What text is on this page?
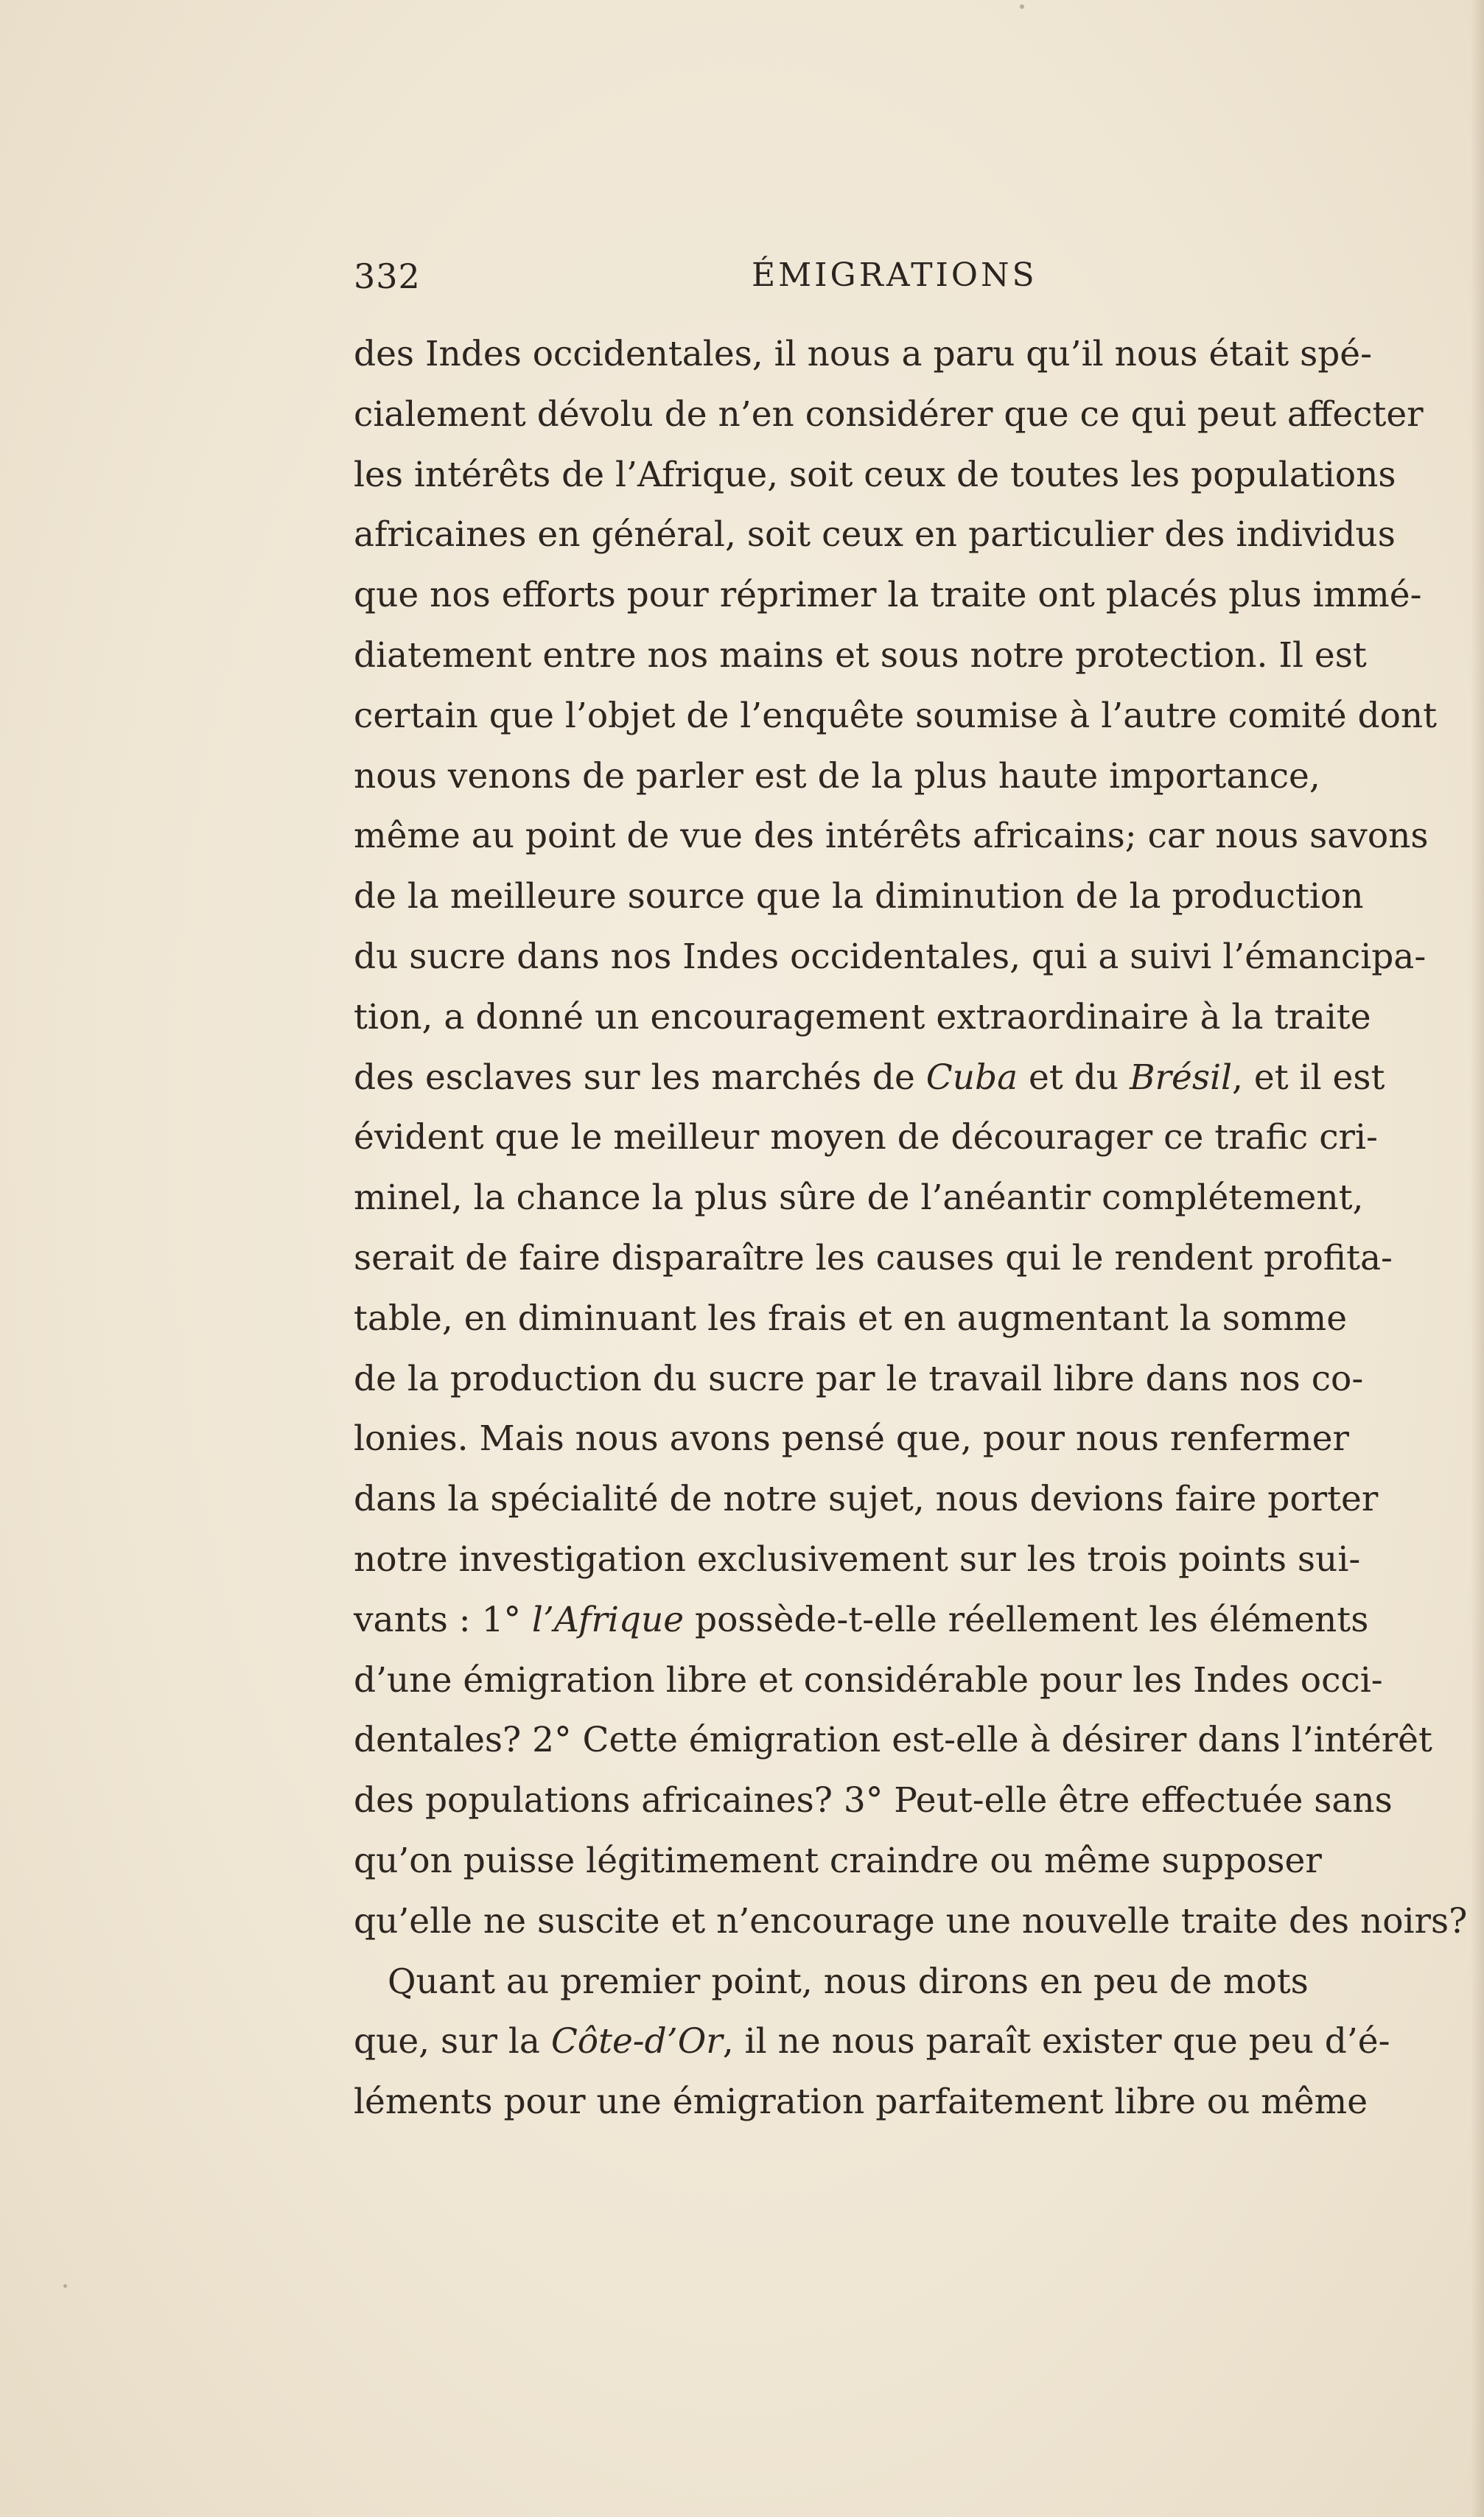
332	ÉMIGRATIONS
des Indes occidentales, il nous a paru qu’il nous était spé-
cialement dévolu de n’en considérer que ce qui peut affecter
les intérêts de l’Afrique, soit ceux de toutes les populations
africaines en général, soit ceux en particulier des individus
que nos efforts pour réprimer la traite ont placés plus immé-
diatement entre nos mains et sous notre protection. Il est
certain que l’objet de l’enquête soumise à l’autre comité dont
nous venons de parler est de la plus haute importance,
même au point de vue des intérêts africains; car nous savons
de la meilleure source que la diminution de la production
du sucre dans nos Indes occidentales, qui a suivi l’émancipa-
tion, a donné un encouragement extraordinaire à la traite
des esclaves sur les marchés de Cuba et du Brésil, et il est
évident que le meilleur moyen de décourager ce trafic cri-
minel, la chance la plus sûre de l’anéantir complétement,
serait de faire disparaître les causes qui le rendent profita-
table, en diminuant les frais et en augmentant la somme
de la production du sucre par le travail libre dans nos co-
lonies. Mais nous avons pensé que, pour nous renfermer
dans la spécialité de notre sujet, nous devions faire porter
notre investigation exclusivement sur les trois points sui-
vants : 1° l’Afrique possède-t-elle réellement les éléments
d’une émigration libre et considérable pour les Indes occi-
dentales? 2° Cette émigration est-elle à désirer dans l’intérêt
des populations africaines? 3° Peut-elle être effectuée sans
qu’on puisse légitimement craindre ou même supposer
qu’elle ne suscite et n’encourage une nouvelle traite des noirs?
Quant au premier point, nous dirons en peu de mots
que, sur la Côte-d’Or, il ne nous paraît exister que peu d’é-
léments pour une émigration parfaitement libre ou même
